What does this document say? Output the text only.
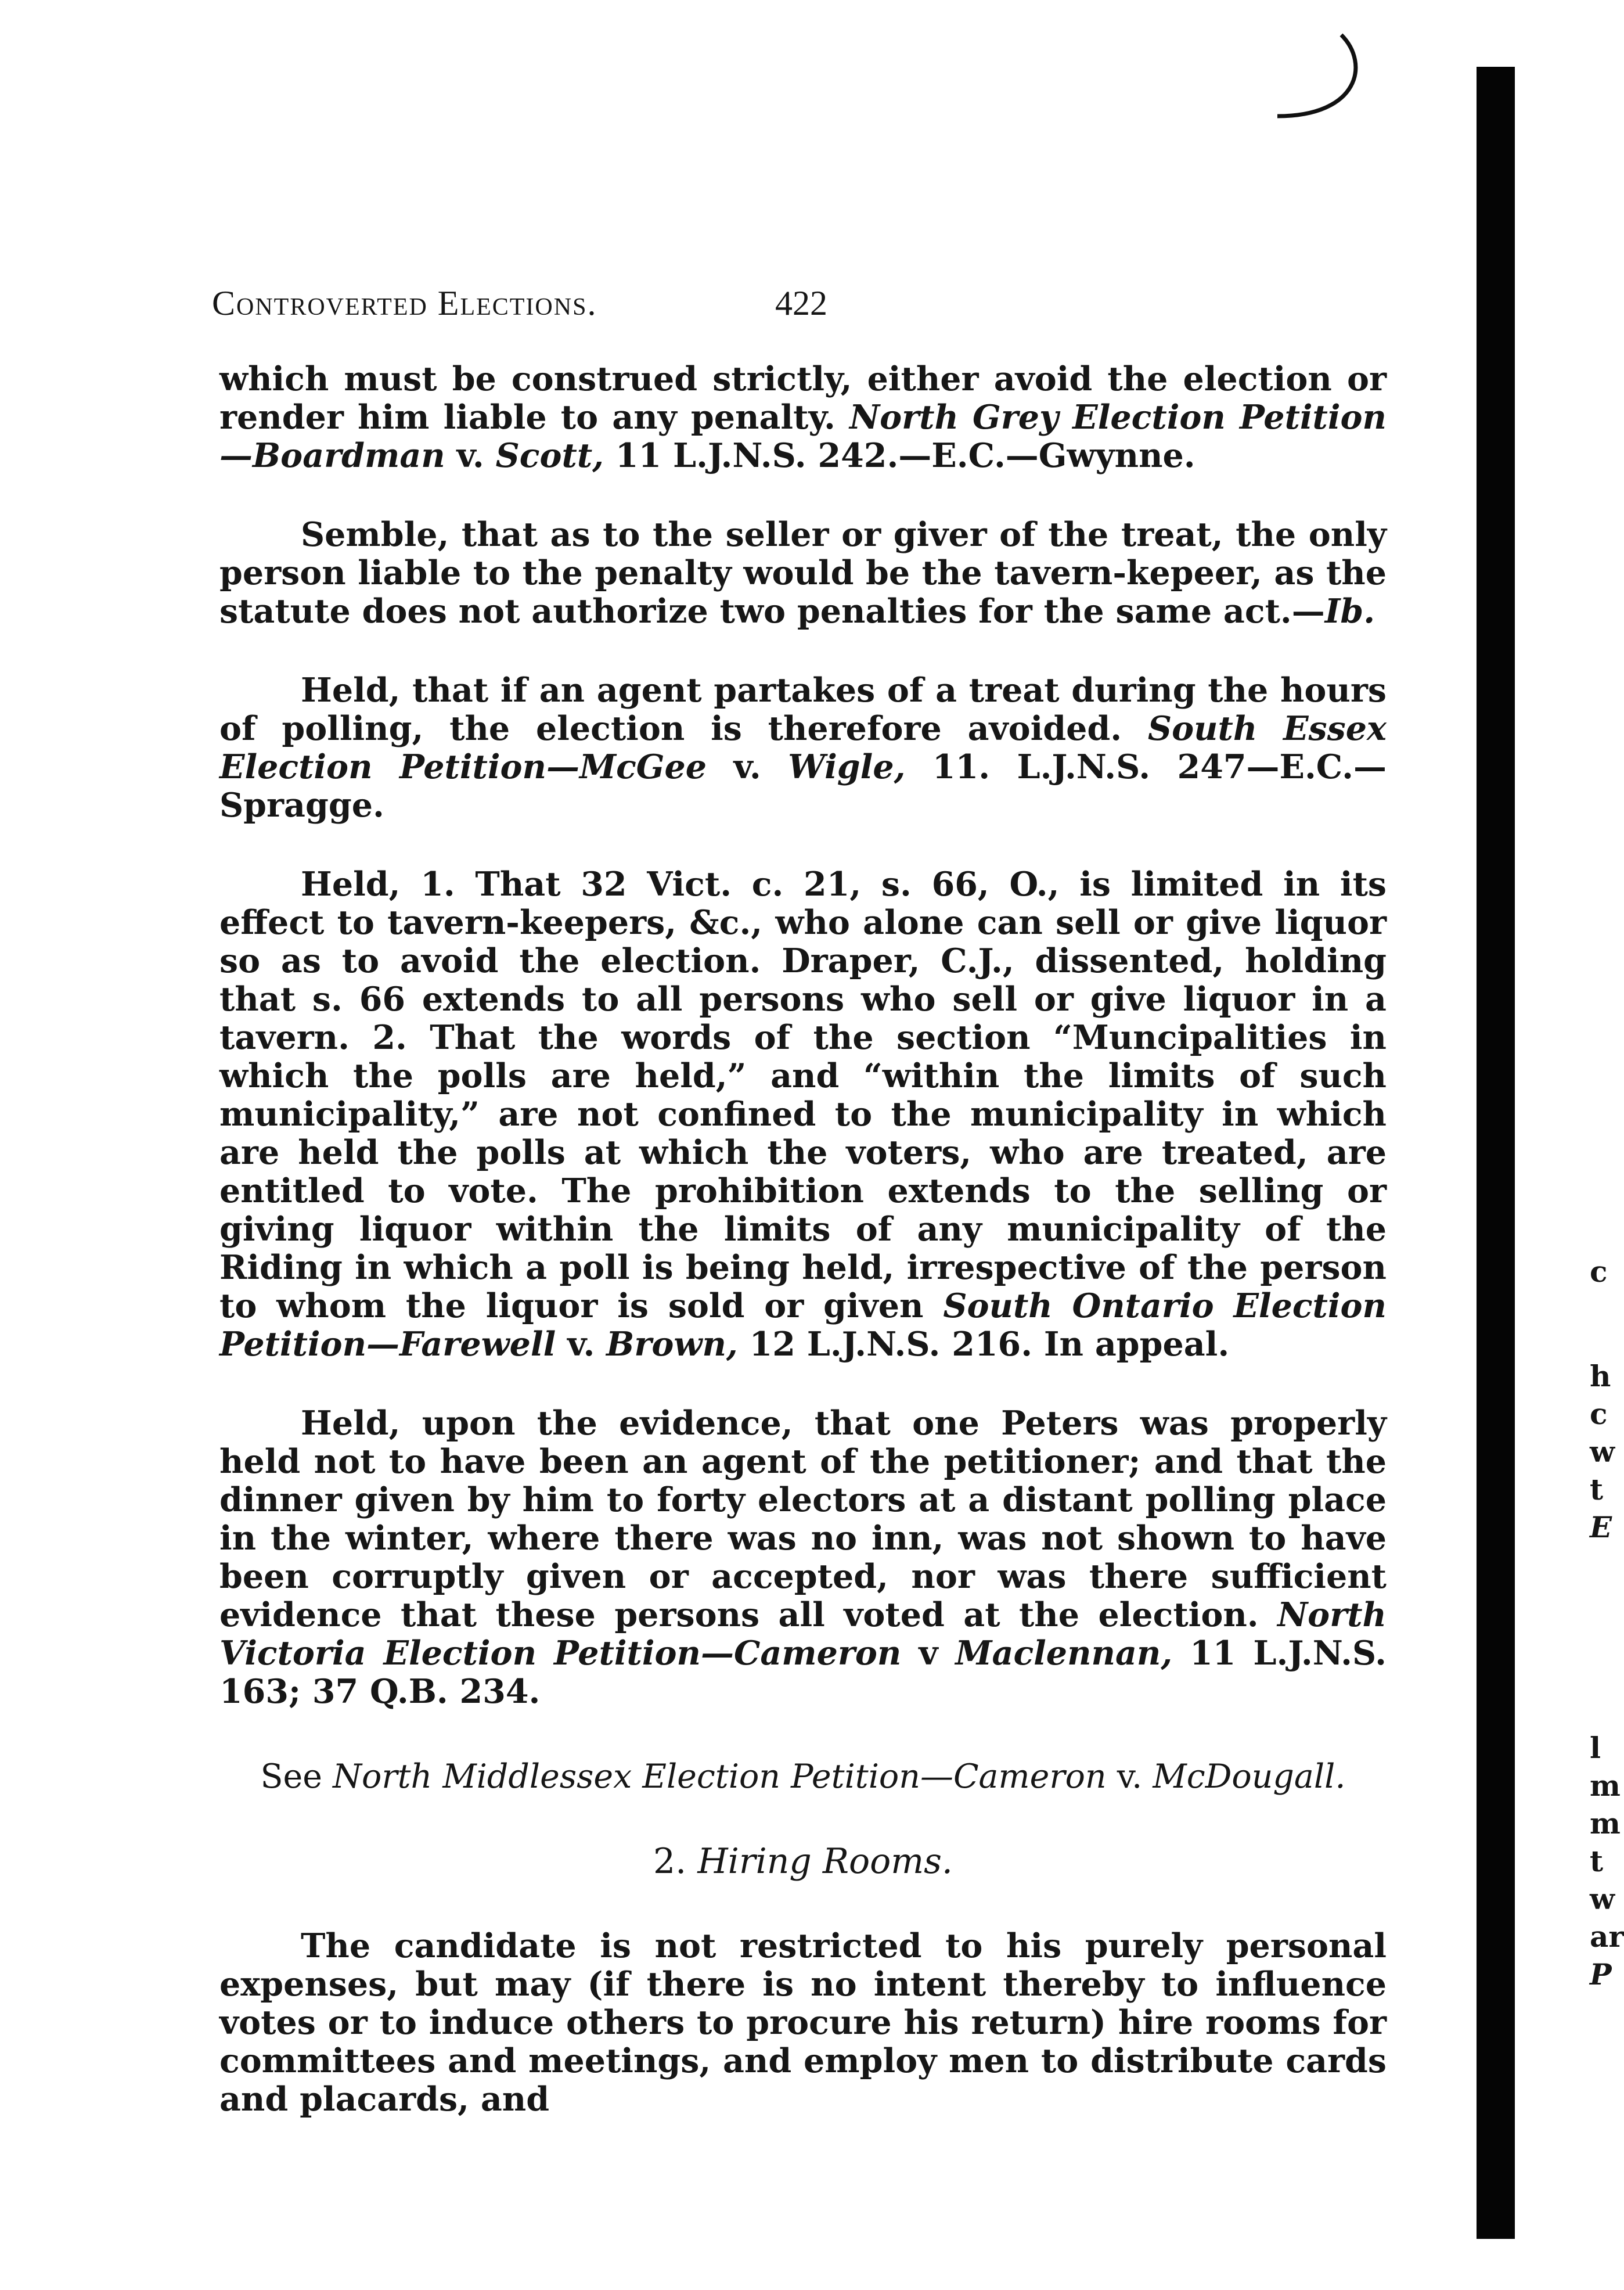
Controverted Elections.	422

which must be construed strictly, either avoid the election or render him liable to any penalty. North Grey Election Petition—Boardman v. Scott, 11 L.J.N.S. 242.—E.C.—Gwynne.

Semble, that as to the seller or giver of the treat, the only person liable to the penalty would be the tavern-kepeer, as the statute does not authorize two penalties for the same act.—Ib.

Held, that if an agent partakes of a treat during the hours of polling, the election is therefore avoided. South Essex Election Petition—McGee v. Wigle, 11. L.J.N.S. 247—E.C.—Spragge.

Held, 1. That 32 Vict. c. 21, s. 66, O., is limited in its effect to tavern-keepers, &c., who alone can sell or give liquor so as to avoid the election. Draper, C.J., dissented, holding that s. 66 extends to all persons who sell or give liquor in a tavern. 2. That the words of the section “Muncipalities in which the polls are held,” and “within the limits of such municipality,” are not confined to the municipality in which are held the polls at which the voters, who are treated, are entitled to vote. The prohibition extends to the selling or giving liquor within the limits of any municipality of the Riding in which a poll is being held, irrespective of the person to whom the liquor is sold or given South Ontario Election Petition—Farewell v. Brown, 12 L.J.N.S. 216. In appeal.

Held, upon the evidence, that one Peters was properly held not to have been an agent of the petitioner; and that the dinner given by him to forty electors at a distant polling place in the winter, where there was no inn, was not shown to have been corruptly given or accepted, nor was there sufficient evidence that these persons all voted at the election. North Victoria Election Petition—Cameron v Maclennan, 11 L.J.N.S. 163; 37 Q.B. 234.

See North Middlessex Election Petition—Cameron v. McDougall.

2. Hiring Rooms.

The candidate is not restricted to his purely personal expenses, but may (if there is no intent thereby to influence votes or to induce others to procure his return) hire rooms for committees and meetings, and employ men to distribute cards and placards, and

c
h
c
w
t
E
l
m
m
t
w
ar
P
